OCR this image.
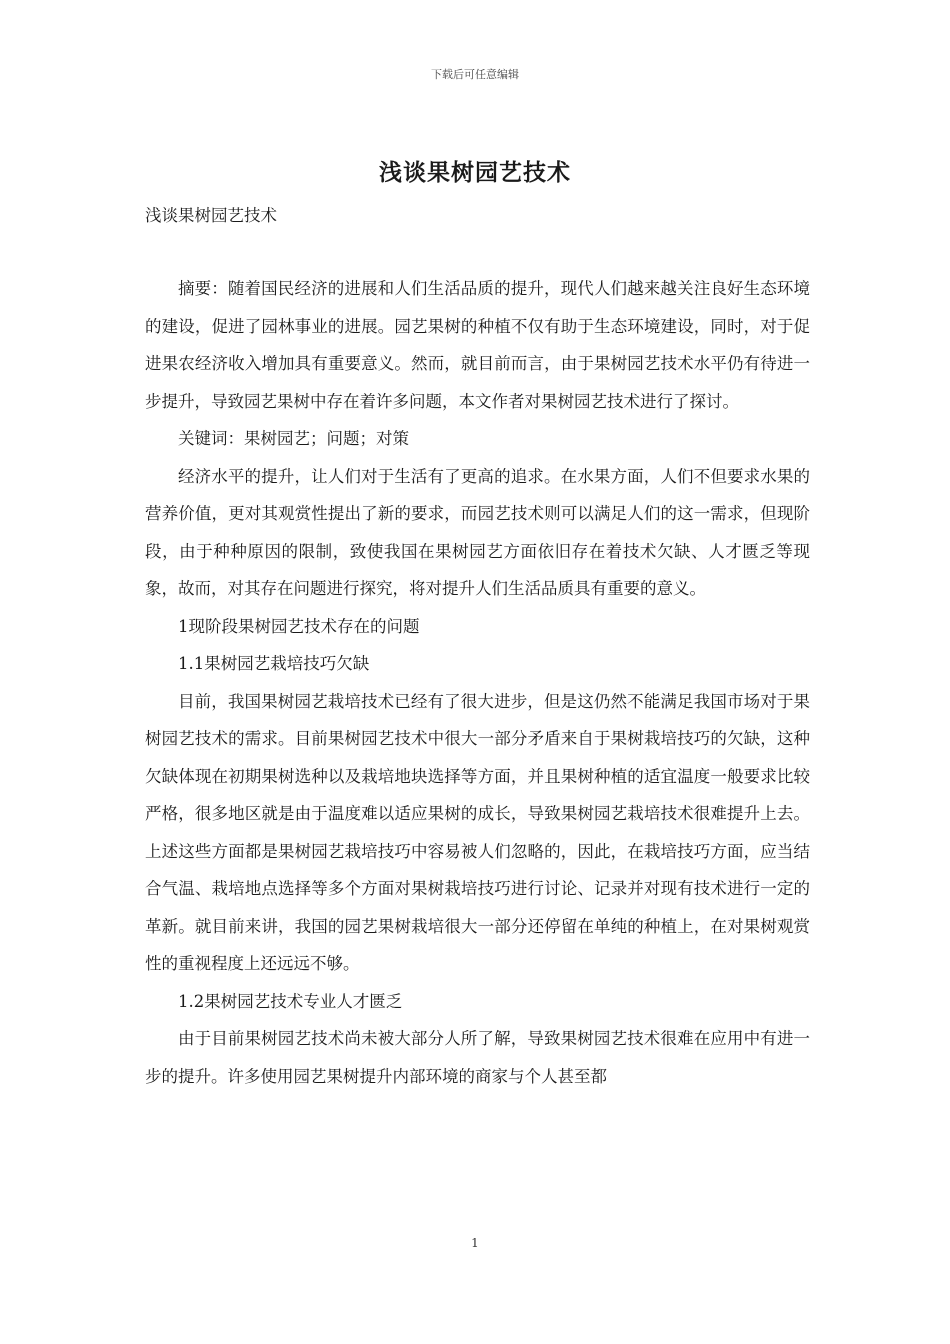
下载后可任意编辑
浅谈果树园艺技术
浅谈果树园艺技术

摘要：随着国民经济的进展和人们生活品质的提升，现代人们越来越关注良好生态环境的建设，促进了园林事业的进展。园艺果树的种植不仅有助于生态环境建设，同时，对于促进果农经济收入增加具有重要意义。然而，就目前而言，由于果树园艺技术水平仍有待进一步提升，导致园艺果树中存在着许多问题，本文作者对果树园艺技术进行了探讨。

关键词：果树园艺；问题；对策

经济水平的提升，让人们对于生活有了更高的追求。在水果方面，人们不但要求水果的营养价值，更对其观赏性提出了新的要求，而园艺技术则可以满足人们的这一需求，但现阶段，由于种种原因的限制，致使我国在果树园艺方面依旧存在着技术欠缺、人才匮乏等现象，故而，对其存在问题进行探究，将对提升人们生活品质具有重要的意义。

1现阶段果树园艺技术存在的问题

1.1果树园艺栽培技巧欠缺

目前，我国果树园艺栽培技术已经有了很大进步，但是这仍然不能满足我国市场对于果树园艺技术的需求。目前果树园艺技术中很大一部分矛盾来自于果树栽培技巧的欠缺，这种欠缺体现在初期果树选种以及栽培地块选择等方面，并且果树种植的适宜温度一般要求比较严格，很多地区就是由于温度难以适应果树的成长，导致果树园艺栽培技术很难提升上去。上述这些方面都是果树园艺栽培技巧中容易被人们忽略的，因此，在栽培技巧方面，应当结合气温、栽培地点选择等多个方面对果树栽培技巧进行讨论、记录并对现有技术进行一定的革新。就目前来讲，我国的园艺果树栽培很大一部分还停留在单纯的种植上，在对果树观赏性的重视程度上还远远不够。

1.2果树园艺技术专业人才匮乏

由于目前果树园艺技术尚未被大部分人所了解，导致果树园艺技术很难在应用中有进一步的提升。许多使用园艺果树提升内部环境的商家与个人甚至都

1
